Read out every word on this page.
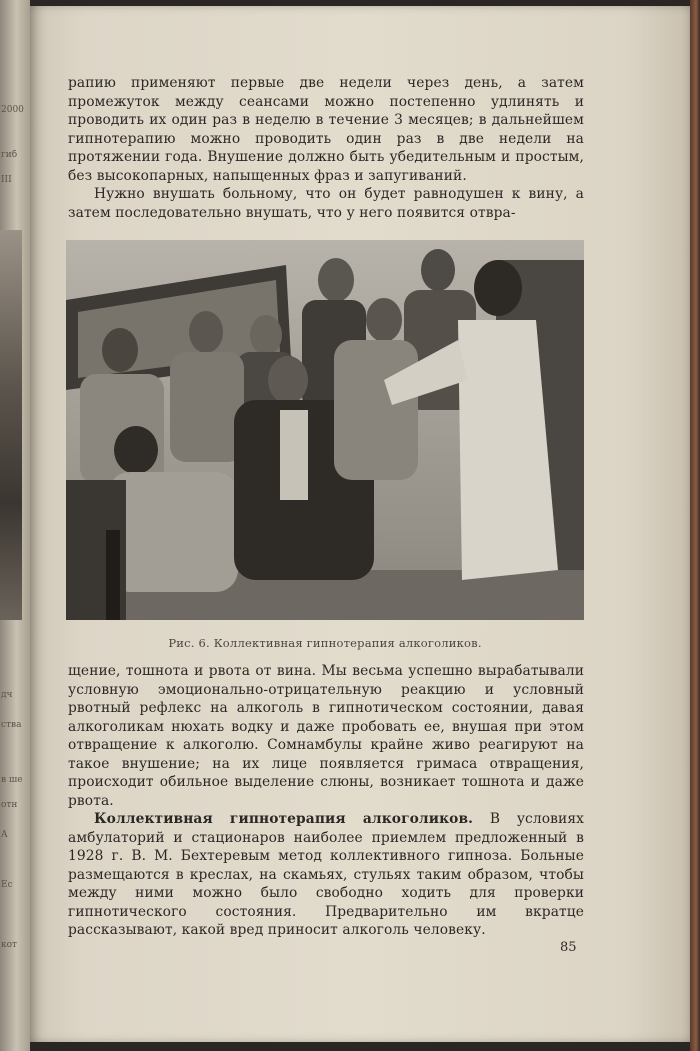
2000
гиб
III
дч
ства
в ше
отн
A
Ес
кот

рапию применяют первые две недели через день, а затем промежуток между сеансами можно постепенно удлинять и проводить их один раз в неделю в течение 3 месяцев; в дальнейшем гипнотерапию можно проводить один раз в две недели на протяжении года. Внушение должно быть убедительным и простым, без высокопарных, напыщенных фраз и запугиваний.

Нужно внушать больному, что он будет равнодушен к вину, а затем последовательно внушать, что у него появится отвра-

Рис. 6. Коллективная гипнотерапия алкоголиков.

щение, тошнота и рвота от вина. Мы весьма успешно вырабатывали условную эмоционально-отрицательную реакцию и условный рвотный рефлекс на алкоголь в гипнотическом состоянии, давая алкоголикам нюхать водку и даже пробовать ее, внушая при этом отвращение к алкоголю. Сомнамбулы крайне живо реагируют на такое внушение; на их лице появляется гримаса отвращения, происходит обильное выделение слюны, возникает тошнота и даже рвота.

Коллективная гипнотерапия алкоголиков. В условиях амбулаторий и стационаров наиболее приемлем предложенный в 1928 г. В. М. Бехтеревым метод коллективного гипноза. Больные размещаются в креслах, на скамьях, стульях таким образом, чтобы между ними можно было свободно ходить для проверки гипнотического состояния. Предварительно им вкратце рассказывают, какой вред приносит алкоголь человеку.

85
